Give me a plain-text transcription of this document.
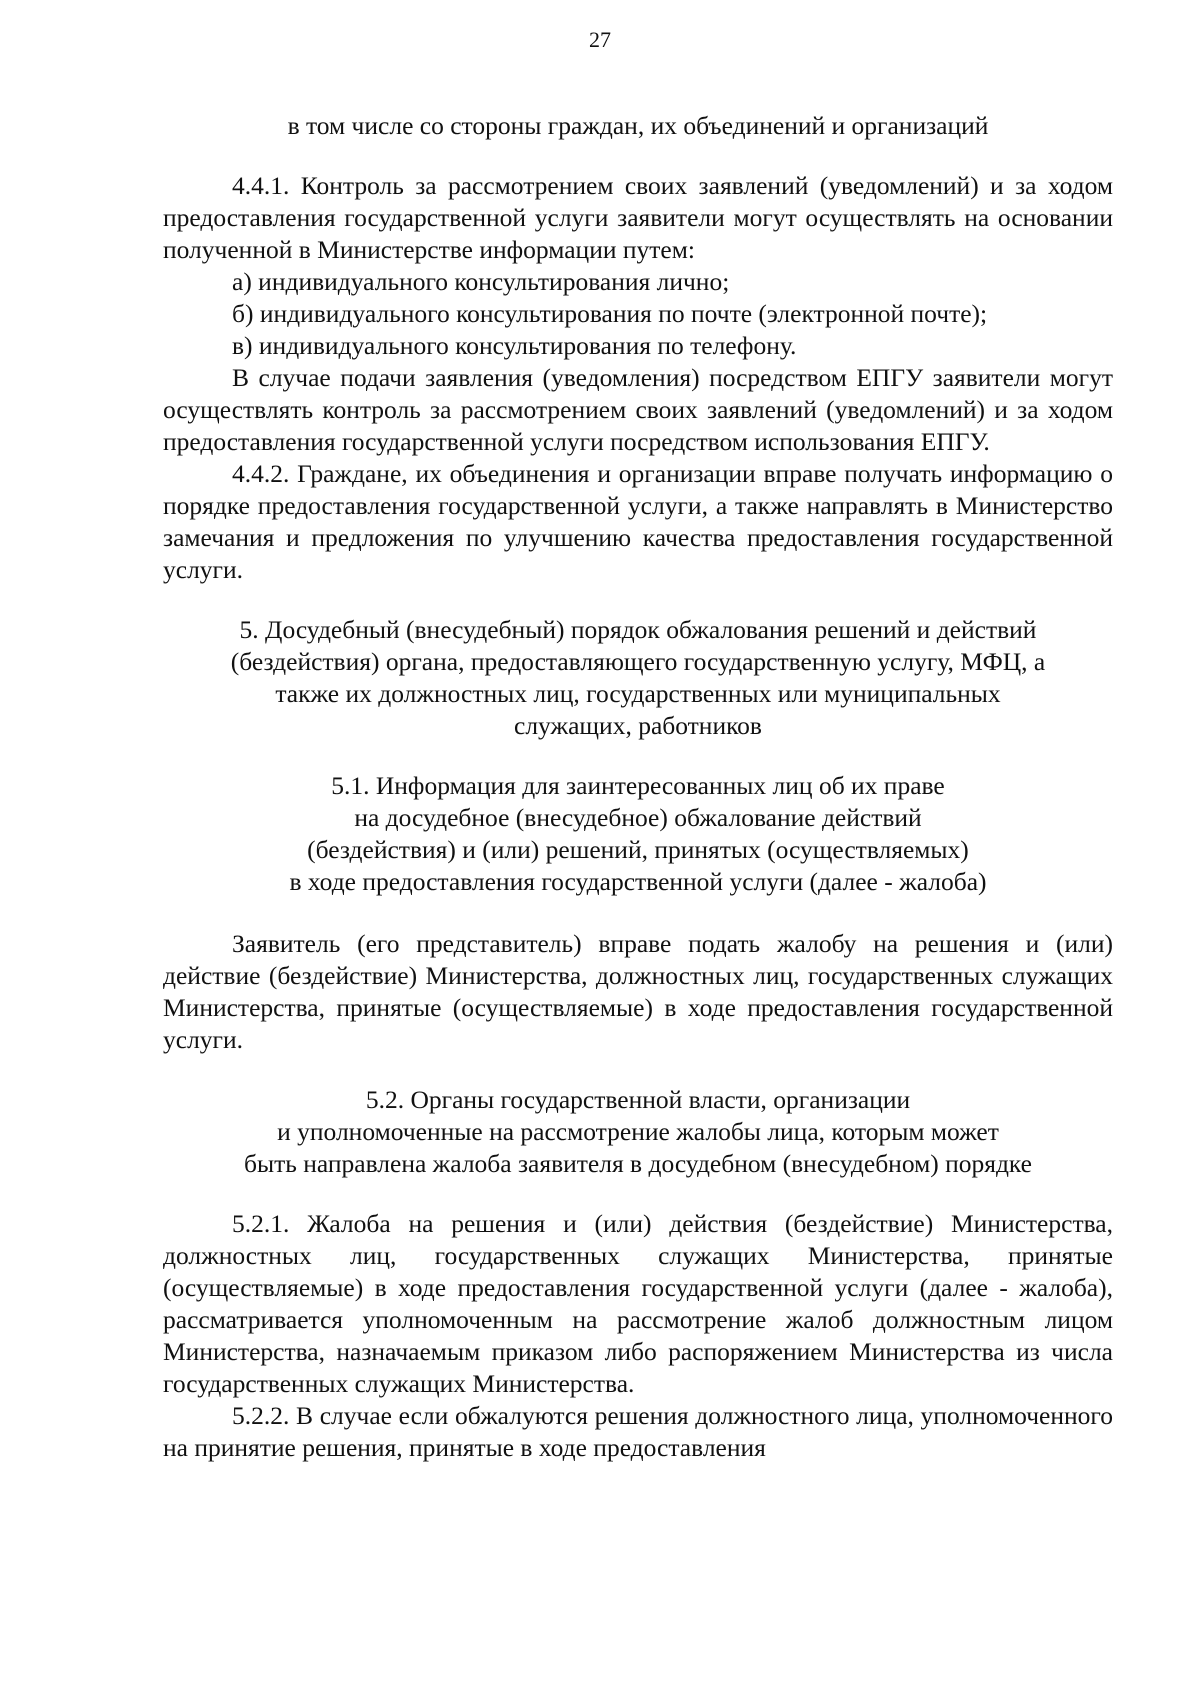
27

в том числе со стороны граждан, их объединений и организаций

4.4.1. Контроль за рассмотрением своих заявлений (уведомлений) и за ходом предоставления государственной услуги заявители могут осуществлять на основании полученной в Министерстве информации путем:

а) индивидуального консультирования лично;

б) индивидуального консультирования по почте (электронной почте);

в) индивидуального консультирования по телефону.

В случае подачи заявления (уведомления) посредством ЕПГУ заявители могут осуществлять контроль за рассмотрением своих заявлений (уведомлений) и за ходом предоставления государственной услуги посредством использования ЕПГУ.

4.4.2. Граждане, их объединения и организации вправе получать информацию о порядке предоставления государственной услуги, а также направлять в Министерство замечания и предложения по улучшению качества предоставления государственной услуги.

5. Досудебный (внесудебный) порядок обжалования решений и действий
(бездействия) органа, предоставляющего государственную услугу, МФЦ, а
также их должностных лиц, государственных или муниципальных
служащих, работников

5.1. Информация для заинтересованных лиц об их праве
на досудебное (внесудебное) обжалование действий
(бездействия) и (или) решений, принятых (осуществляемых)
в ходе предоставления государственной услуги (далее - жалоба)

Заявитель (его представитель) вправе подать жалобу на решения и (или) действие (бездействие) Министерства, должностных лиц, государственных служащих Министерства, принятые (осуществляемые) в ходе предоставления государственной услуги.

5.2. Органы государственной власти, организации
и уполномоченные на рассмотрение жалобы лица, которым может
быть направлена жалоба заявителя в досудебном (внесудебном) порядке

5.2.1. Жалоба на решения и (или) действия (бездействие) Министерства, должностных лиц, государственных служащих Министерства, принятые (осуществляемые) в ходе предоставления государственной услуги (далее - жалоба), рассматривается уполномоченным на рассмотрение жалоб должностным лицом Министерства, назначаемым приказом либо распоряжением Министерства из числа государственных служащих Министерства.

5.2.2. В случае если обжалуются решения должностного лица, уполномоченного на принятие решения, принятые в ходе предоставления
